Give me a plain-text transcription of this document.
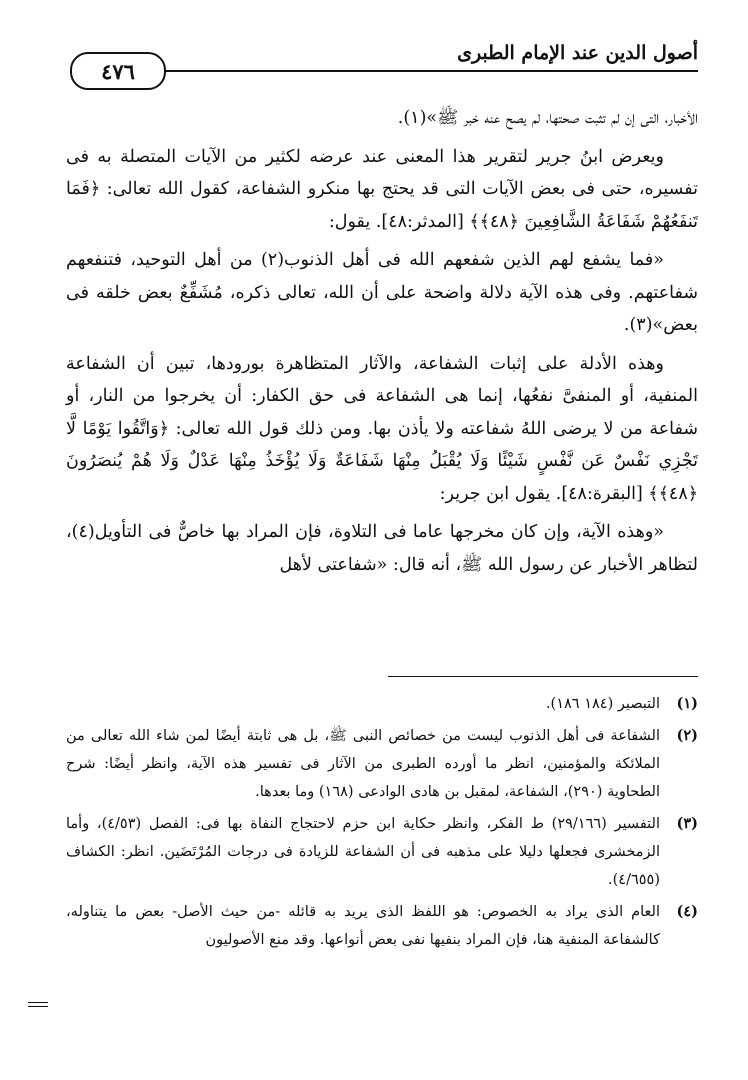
أصول الدين عند الإمام الطبرى
٤٧٦

الأخبار، التى إن لم تثبت صحتها، لم يصح عنه خبر ﷺ»(١).

ويعرض ابنُ جرير لتقرير هذا المعنى عند عرضه لكثير من الآيات المتصلة به فى تفسيره، حتى فى بعض الآيات التى قد يحتج بها منكرو الشفاعة، كقول الله تعالى: ﴿فَمَا تَنفَعُهُمْ شَفَاعَةُ الشَّافِعِينَ ﴿٤٨﴾﴾ [المدثر:٤٨]. يقول:

«فما يشفع لهم الذين شفعهم الله فى أهل الذنوب(٢) من أهل التوحيد، فتنفعهم شفاعتهم. وفى هذه الآية دلالة واضحة على أن الله، تعالى ذكره، مُشَفِّعٌ بعض خلقه فى بعض»(٣).

وهذه الأدلة على إثبات الشفاعة، والآثار المتظاهرة بورودها، تبين أن الشفاعة المنفية، أو المنفىَّ نفعُها، إنما هى الشفاعة فى حق الكفار: أن يخرجوا من النار، أو شفاعة من لا يرضى اللهُ شفاعته ولا يأذن بها. ومن ذلك قول الله تعالى: ﴿وَاتَّقُوا يَوْمًا لَّا تَجْزِي نَفْسٌ عَن نَّفْسٍ شَيْئًا وَلَا يُقْبَلُ مِنْهَا شَفَاعَةٌ وَلَا يُؤْخَذُ مِنْهَا عَدْلٌ وَلَا هُمْ يُنصَرُونَ ﴿٤٨﴾﴾ [البقرة:٤٨]. يقول ابن جرير:

«وهذه الآية، وإن كان مخرجها عاما فى التلاوة، فإن المراد بها خاصٌّ فى التأويل(٤)، لتظاهر الأخبار عن رسول الله ﷺ، أنه قال: «شفاعتى لأهل

(١)
التبصير (١٨٤ ١٨٦).
(٢)
الشفاعة فى أهل الذنوب ليست من خصائص النبى ﷺ، بل هى ثابتة أيضًا لمن شاء الله تعالى من الملائكة والمؤمنين، انظر ما أورده الطبرى من الآثار فى تفسير هذه الآية، وانظر أيضًا: شرح الطحاوية (٢٩٠)، الشفاعة، لمقبل بن هادى الوادعى (١٦٨) وما بعدها.
(٣)
التفسير (٢٩/١٦٦) ط الفكر، وانظر حكاية ابن حزم لاحتجاج النفاة بها فى: الفصل (٤/٥٣)، وأما الزمخشرى فجعلها دليلا على مذهبه فى أن الشفاعة للزيادة فى درجات المُرْتَضَين. انظر: الكشاف (٤/٦٥٥).
(٤)
العام الذى يراد به الخصوص: هو اللفظ الذى يريد به قائله -من حيث الأصل- بعض ما يتناوله، كالشفاعة المنفية هنا، فإن المراد بنفيها نفى بعض أنواعها. وقد منع الأصوليون
